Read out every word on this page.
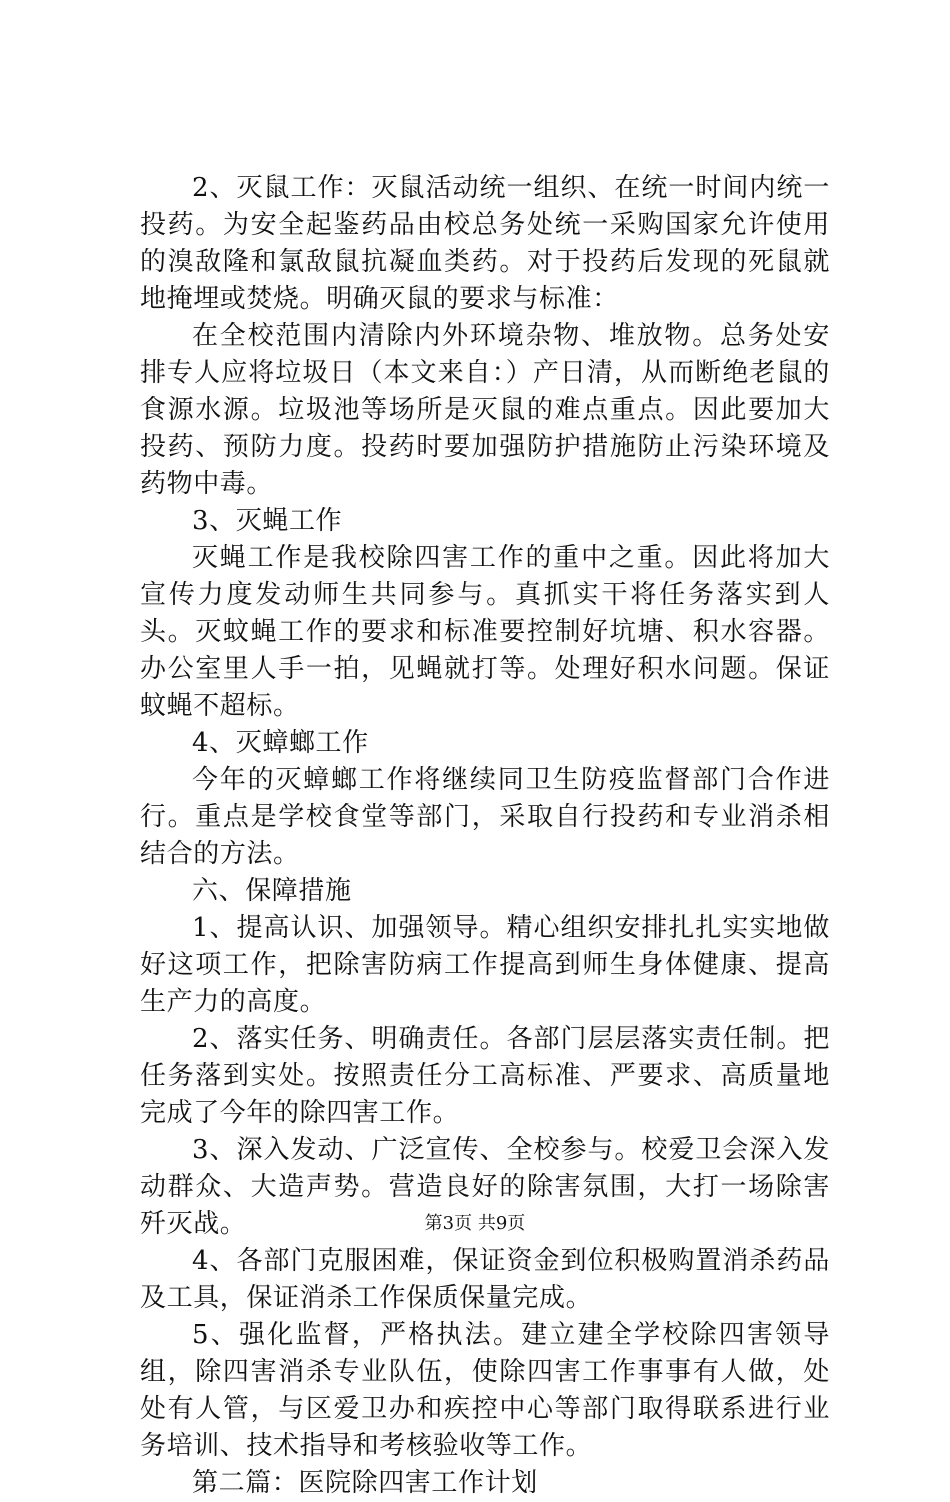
2、灭鼠工作：灭鼠活动统一组织、在统一时间内统一投药。为安全起鉴药品由校总务处统一采购国家允许使用的溴敌隆和氯敌鼠抗凝血类药。对于投药后发现的死鼠就地掩埋或焚烧。明确灭鼠的要求与标准：

在全校范围内清除内外环境杂物、堆放物。总务处安排专人应将垃圾日（本文来自：）产日清，从而断绝老鼠的食源水源。垃圾池等场所是灭鼠的难点重点。因此要加大投药、预防力度。投药时要加强防护措施防止污染环境及药物中毒。

3、灭蝇工作

灭蝇工作是我校除四害工作的重中之重。因此将加大宣传力度发动师生共同参与。真抓实干将任务落实到人头。灭蚊蝇工作的要求和标准要控制好坑塘、积水容器。办公室里人手一拍，见蝇就打等。处理好积水问题。保证蚊蝇不超标。

4、灭蟑螂工作

今年的灭蟑螂工作将继续同卫生防疫监督部门合作进行。重点是学校食堂等部门，采取自行投药和专业消杀相结合的方法。

六、保障措施

1、提高认识、加强领导。精心组织安排扎扎实实地做好这项工作，把除害防病工作提高到师生身体健康、提高生产力的高度。

2、落实任务、明确责任。各部门层层落实责任制。把任务落到实处。按照责任分工高标准、严要求、高质量地完成了今年的除四害工作。

3、深入发动、广泛宣传、全校参与。校爱卫会深入发动群众、大造声势。营造良好的除害氛围，大打一场除害歼灭战。

4、各部门克服困难，保证资金到位积极购置消杀药品及工具，保证消杀工作保质保量完成。

5、强化监督，严格执法。建立建全学校除四害领导组，除四害消杀专业队伍，使除四害工作事事有人做，处处有人管，与区爱卫办和疾控中心等部门取得联系进行业务培训、技术指导和考核验收等工作。

第二篇：医院除四害工作计划

第3页 共9页
